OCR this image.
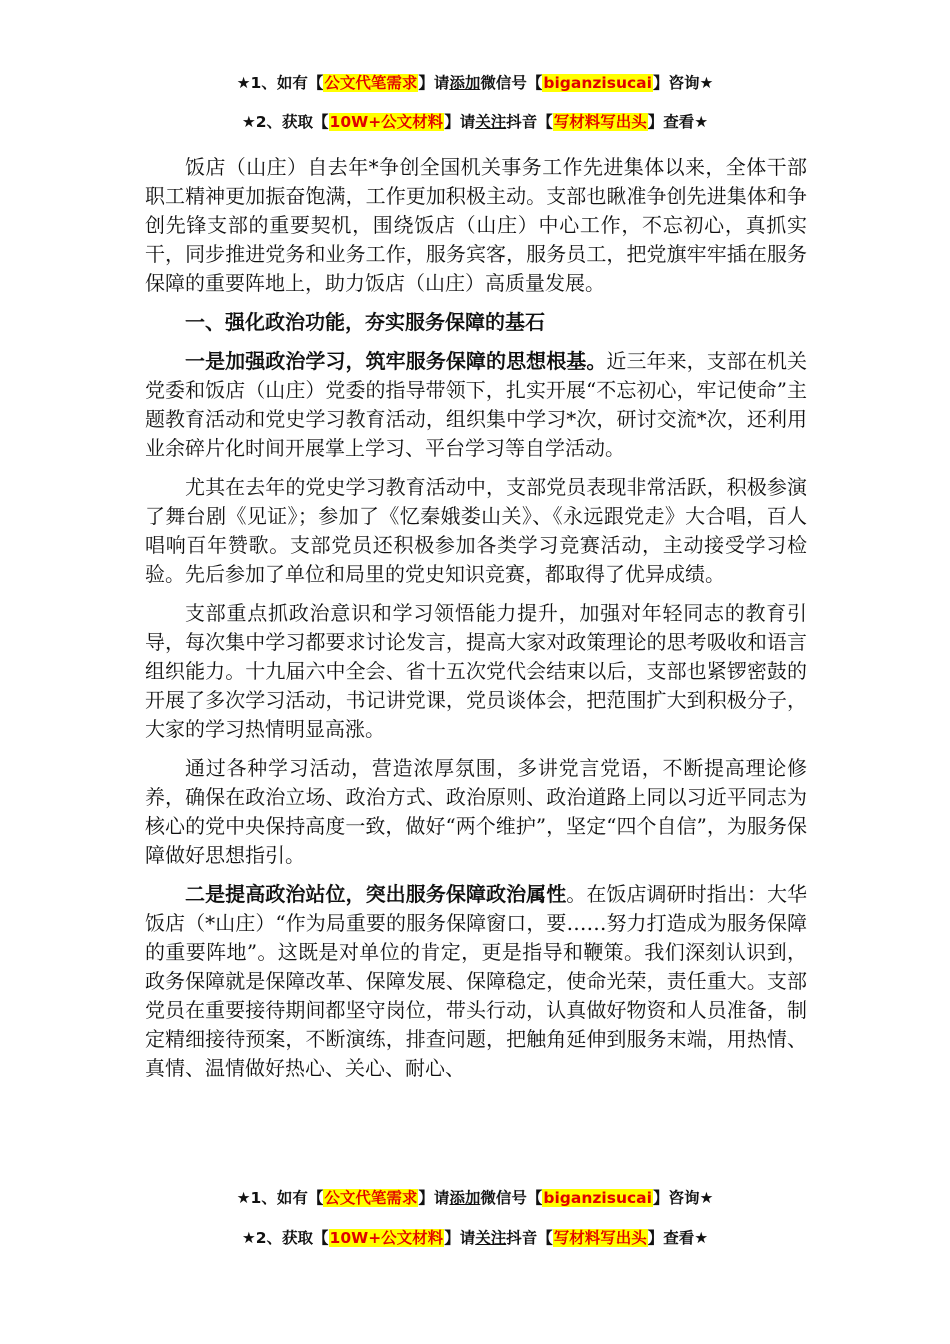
★1、如有【公文代笔需求】请添加微信号【biganzisucai】咨询★
★2、获取【10W+公文材料】请关注抖音【写材料写出头】查看★

饭店（山庄）自去年*争创全国机关事务工作先进集体以来，全体干部职工精神更加振奋饱满，工作更加积极主动。支部也瞅准争创先进集体和争创先锋支部的重要契机，围绕饭店（山庄）中心工作，不忘初心，真抓实干，同步推进党务和业务工作，服务宾客，服务员工，把党旗牢牢插在服务保障的重要阵地上，助力饭店（山庄）高质量发展。

一、强化政治功能，夯实服务保障的基石

一是加强政治学习，筑牢服务保障的思想根基。近三年来，支部在机关党委和饭店（山庄）党委的指导带领下，扎实开展“不忘初心，牢记使命”主题教育活动和党史学习教育活动，组织集中学习*次，研讨交流*次，还利用业余碎片化时间开展掌上学习、平台学习等自学活动。

尤其在去年的党史学习教育活动中，支部党员表现非常活跃，积极参演了舞台剧《见证》；参加了《忆秦娥娄山关》、《永远跟党走》大合唱，百人唱响百年赞歌。支部党员还积极参加各类学习竞赛活动，主动接受学习检验。先后参加了单位和局里的党史知识竞赛，都取得了优异成绩。

支部重点抓政治意识和学习领悟能力提升，加强对年轻同志的教育引导，每次集中学习都要求讨论发言，提高大家对政策理论的思考吸收和语言组织能力。十九届六中全会、省十五次党代会结束以后，支部也紧锣密鼓的开展了多次学习活动，书记讲党课，党员谈体会，把范围扩大到积极分子，大家的学习热情明显高涨。

通过各种学习活动，营造浓厚氛围，多讲党言党语，不断提高理论修养，确保在政治立场、政治方式、政治原则、政治道路上同以习近平同志为核心的党中央保持高度一致，做好“两个维护”，坚定“四个自信”，为服务保障做好思想指引。

二是提高政治站位，突出服务保障政治属性。在饭店调研时指出：大华饭店（*山庄）“作为局重要的服务保障窗口，要……努力打造成为服务保障的重要阵地”。这既是对单位的肯定，更是指导和鞭策。我们深刻认识到，政务保障就是保障改革、保障发展、保障稳定，使命光荣，责任重大。支部党员在重要接待期间都坚守岗位，带头行动，认真做好物资和人员准备，制定精细接待预案，不断演练，排查问题，把触角延伸到服务末端，用热情、真情、温情做好热心、关心、耐心、

★1、如有【公文代笔需求】请添加微信号【biganzisucai】咨询★
★2、获取【10W+公文材料】请关注抖音【写材料写出头】查看★
